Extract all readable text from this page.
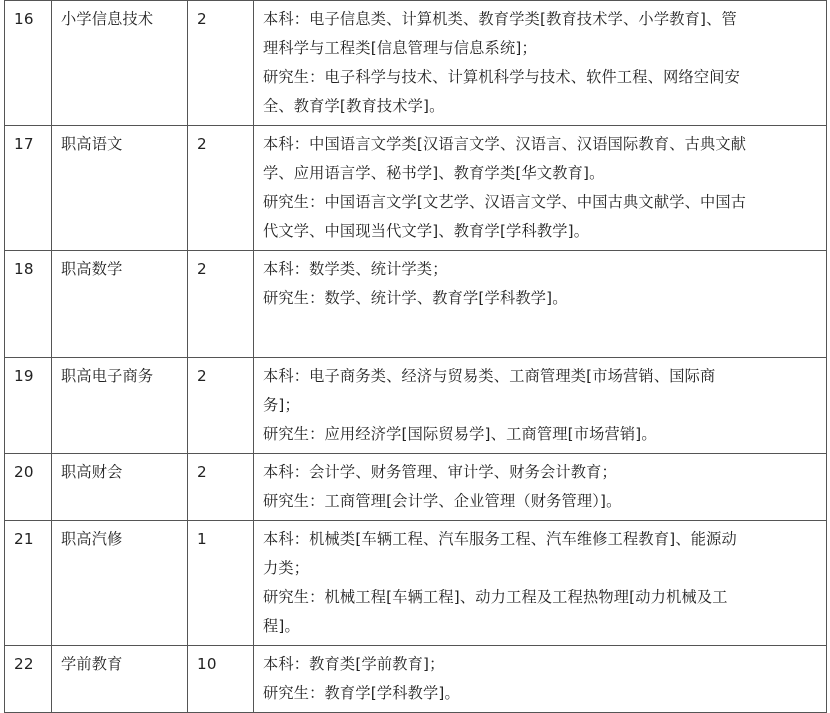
16	小学信息技术	2	本科：电子信息类、计算机类、教育学类[教育技术学、小学教育]、管
理科学与工程类[信息管理与信息系统]；
研究生：电子科学与技术、计算机科学与技术、软件工程、网络空间安
全、教育学[教育技术学]。

17	职高语文	2	本科：中国语言文学类[汉语言文学、汉语言、汉语国际教育、古典文献
学、应用语言学、秘书学]、教育学类[华文教育]。
研究生：中国语言文学[文艺学、汉语言文学、中国古典文献学、中国古
代文学、中国现当代文学]、教育学[学科教学]。

18	职高数学	2	本科：数学类、统计学类；
研究生：数学、统计学、教育学[学科教学]。

19	职高电子商务	2	本科：电子商务类、经济与贸易类、工商管理类[市场营销、国际商
务]；
研究生：应用经济学[国际贸易学]、工商管理[市场营销]。

20	职高财会	2	本科：会计学、财务管理、审计学、财务会计教育；
研究生：工商管理[会计学、企业管理（财务管理）]。

21	职高汽修	1	本科：机械类[车辆工程、汽车服务工程、汽车维修工程教育]、能源动
力类；
研究生：机械工程[车辆工程]、动力工程及工程热物理[动力机械及工
程]。

22	学前教育	10	本科：教育类[学前教育]；
研究生：教育学[学科教学]。
